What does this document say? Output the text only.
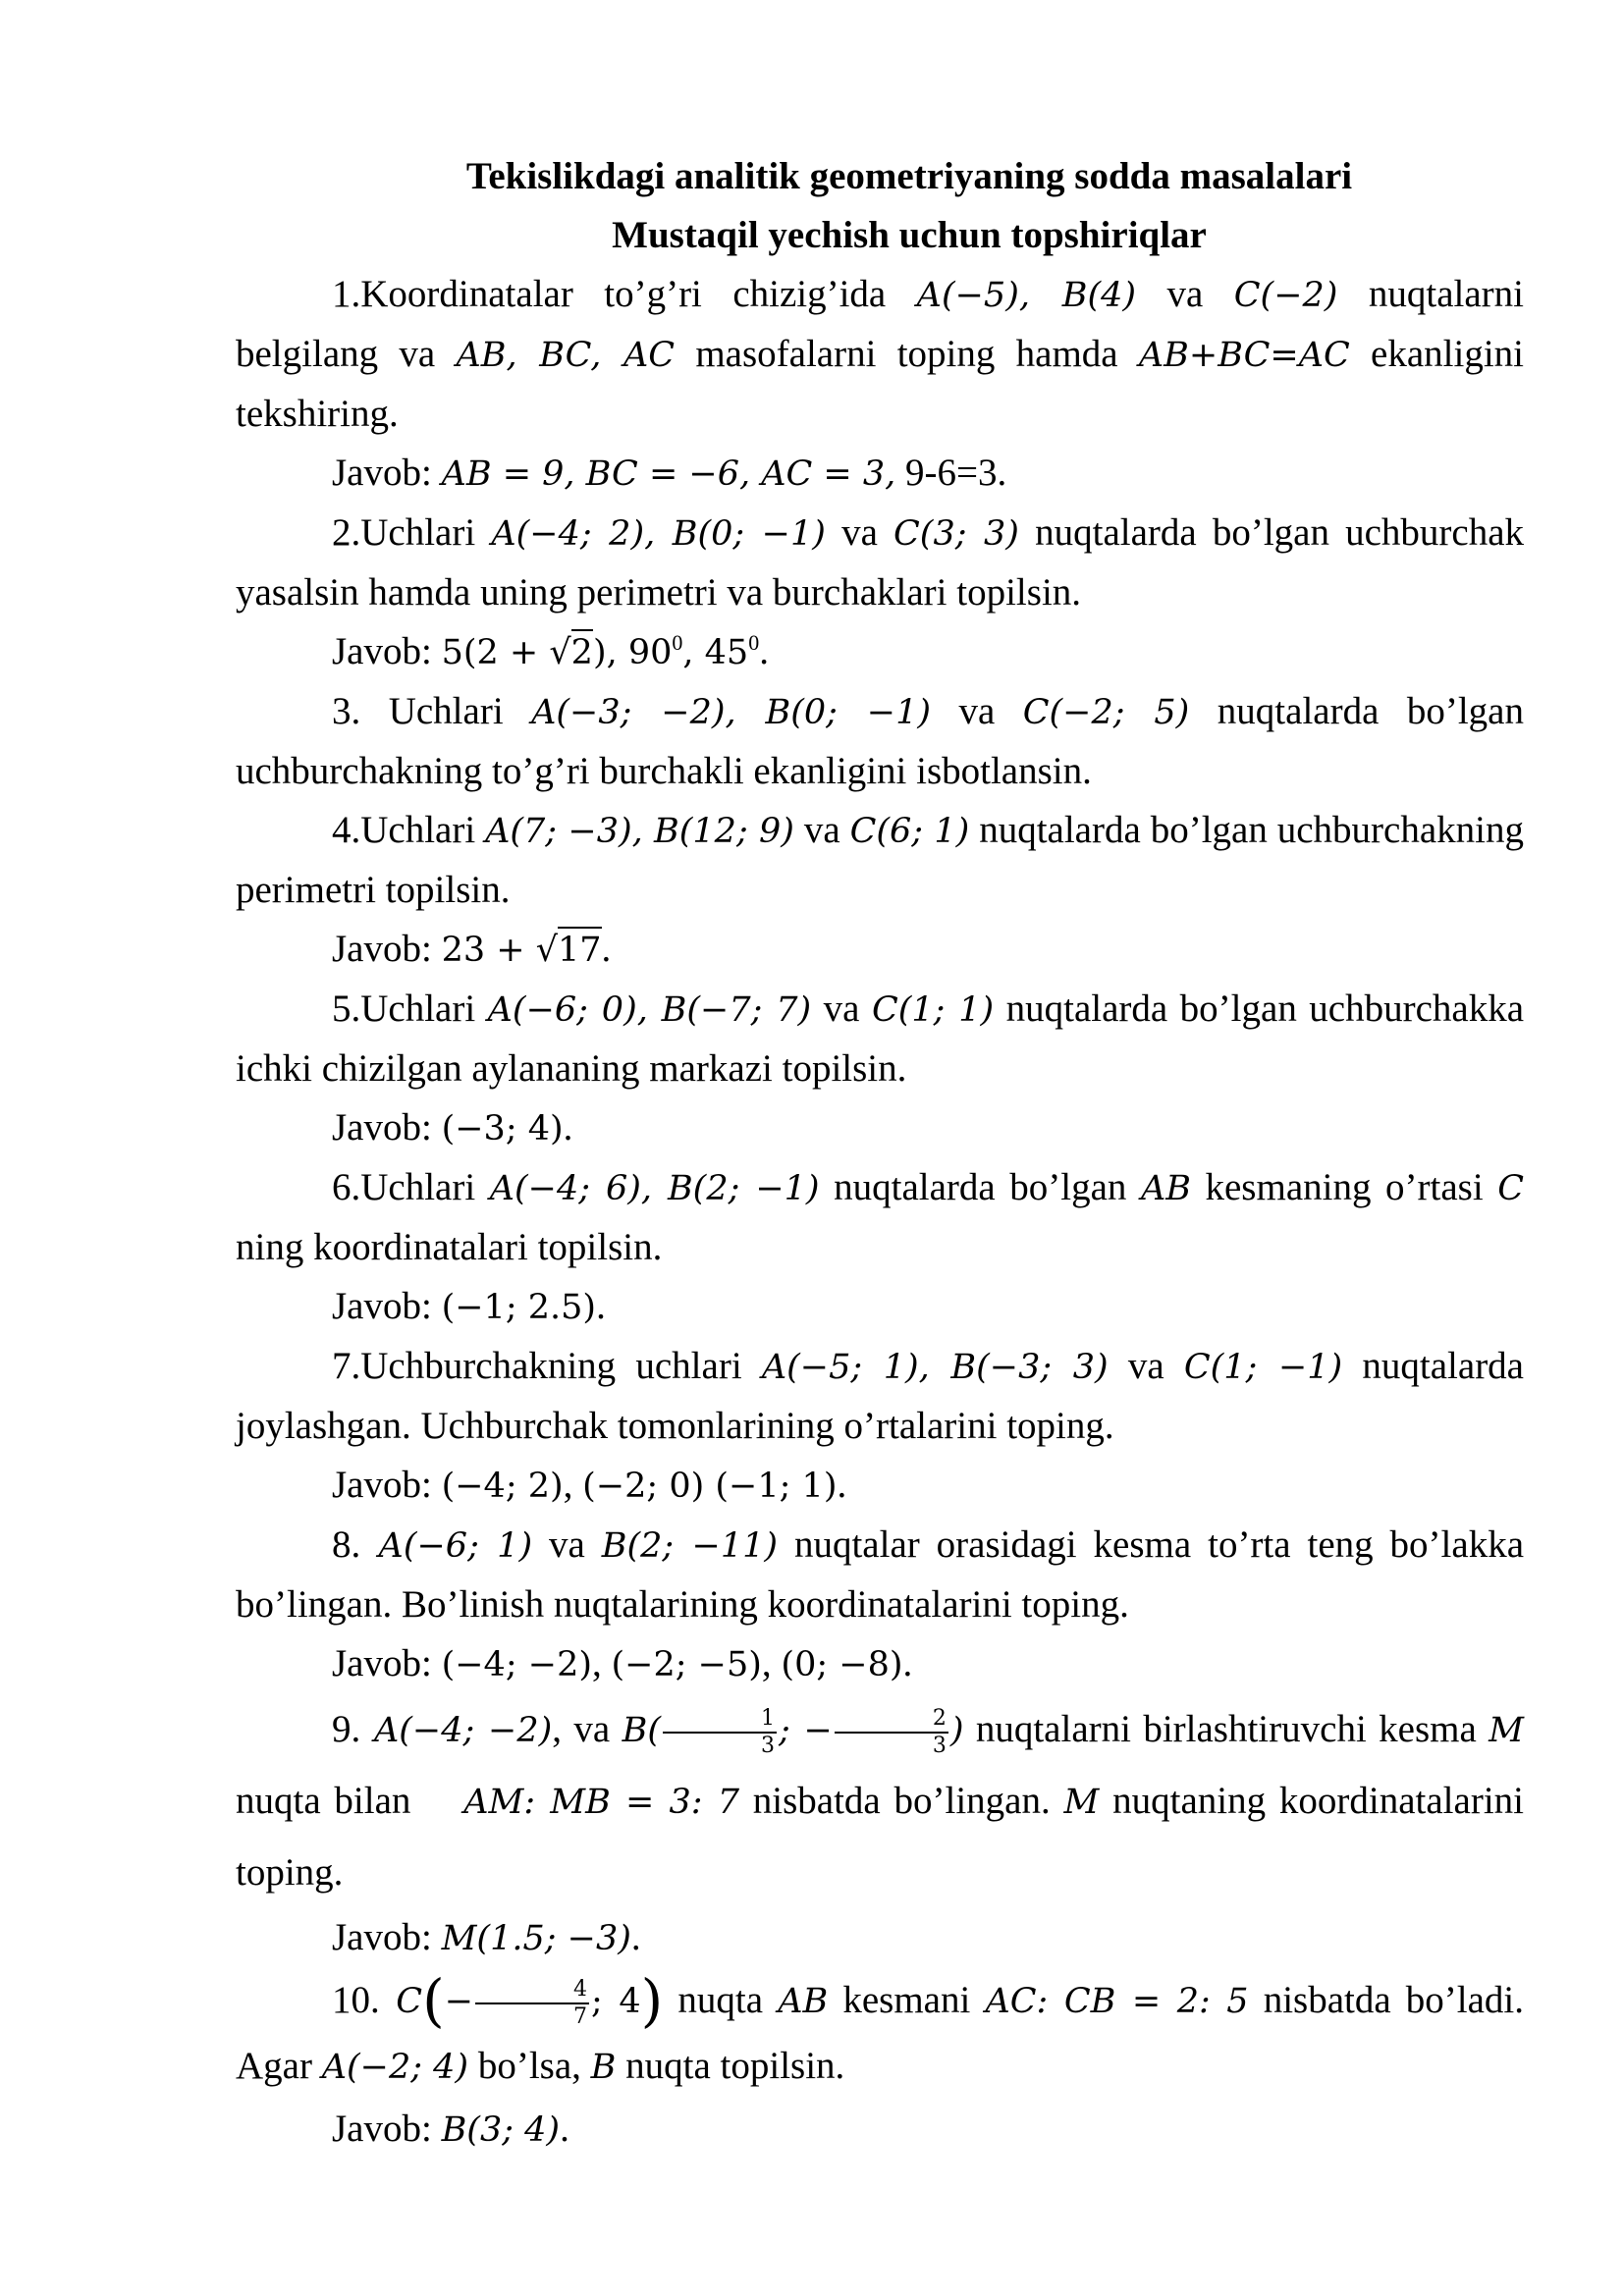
Tekislikdagi analitik geometriyaning sodda masalalari

Mustaqil yechish uchun topshiriqlar

1.Koordinatalar to’g’ri chizig’ida A(−5), B(4) va C(−2) nuqtalarni belgilang va AB, BC, AC masofalarni toping hamda AB+BC=AC ekanligini tekshiring.

Javob: AB = 9, BC = −6, AC = 3, 9-6=3.

2.Uchlari A(−4; 2), B(0; −1) va C(3; 3) nuqtalarda bo’lgan uchburchak yasalsin hamda uning perimetri va burchaklari topilsin.

Javob: 5(2 + √2), $90^0$, $45^0$.

3. Uchlari A(−3; −2), B(0; −1) va C(−2; 5) nuqtalarda bo’lgan uchburchakning to’g’ri burchakli ekanligini isbotlansin.

4.Uchlari A(7; −3), B(12; 9) va C(6; 1) nuqtalarda bo’lgan uchburchakning perimetri topilsin.

Javob: 23 + √17.

5.Uchlari A(−6; 0), B(−7; 7) va C(1; 1) nuqtalarda bo’lgan uchburchakka ichki chizilgan aylananing markazi topilsin.

Javob: (−3; 4).

6.Uchlari A(−4; 6), B(2; −1) nuqtalarda bo’lgan AB kesmaning o’rtasi C ning koordinatalari topilsin.

Javob: (−1; 2.5).

7.Uchburchakning uchlari A(−5; 1), B(−3; 3) va C(1; −1) nuqtalarda joylashgan. Uchburchak tomonlarining o’rtalarini toping.

Javob: (−4; 2), (−2; 0) (−1; 1).

8. A(−6; 1) va B(2; −11) nuqtalar orasidagi kesma to’rta teng bo’lakka bo’lingan. Bo’linish nuqtalarining koordinatalarini toping.

Javob: (−4; −2), (−2; −5), (0; −8).

9. A(−4; −2), va $B( \frac{1}{3}$ ; − $\frac{2}{3}$ ) nuqtalarni birlashtiruvchi kesma M nuqta bilan AM: MB = 3: 7 nisbatda bo’lingan. M nuqtaning koordinatalarini toping.

Javob: M(1.5; −3).

10. $C(- \frac{4}{7}$ ; 4) nuqta AB kesmani AC: CB = 2: 5 nisbatda bo’ladi. Agar A(−2; 4) bo’lsa, B nuqta topilsin.

Javob: B(3; 4).
